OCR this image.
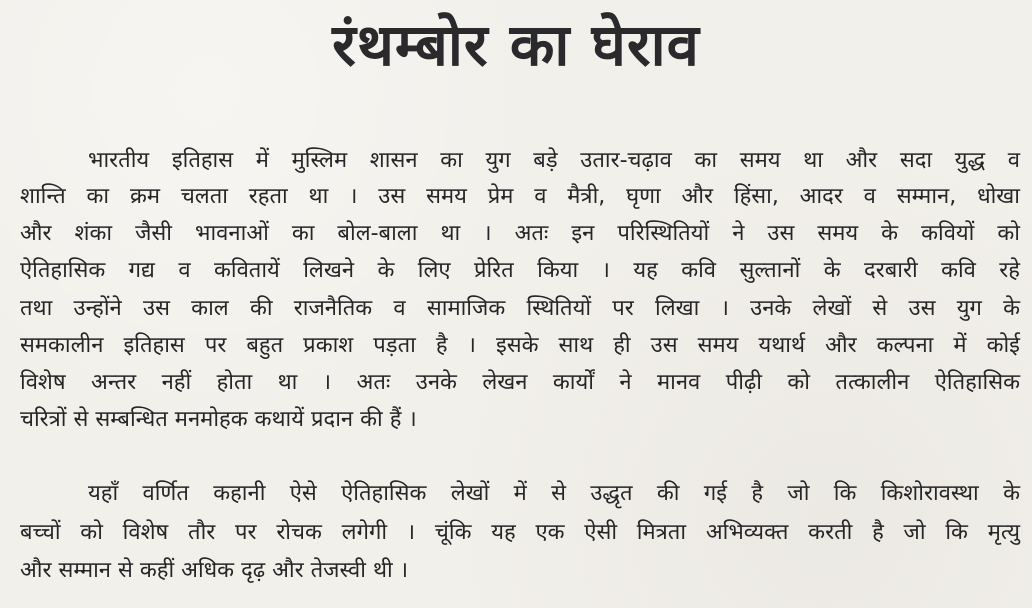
रंथम्बोर का घेराव
भारतीय इतिहास में मुस्लिम शासन का युग बड़े उतार-चढ़ाव का समय था और सदा युद्ध व
शान्ति का क्रम चलता रहता था । उस समय प्रेम व मैत्री, घृणा और हिंसा, आदर व सम्मान, धोखा
और शंका जैसी भावनाओं का बोल-बाला था । अतः इन परिस्थितियों ने उस समय के कवियों को
ऐतिहासिक गद्य व कवितायें लिखने के लिए प्रेरित किया । यह कवि सुल्तानों के दरबारी कवि रहे
तथा उन्होंने उस काल की राजनैतिक व सामाजिक स्थितियों पर लिखा । उनके लेखों से उस युग के
समकालीन इतिहास पर बहुत प्रकाश पड़ता है । इसके साथ ही उस समय यथार्थ और कल्पना में कोई
विशेष अन्तर नहीं होता था । अतः उनके लेखन कार्यों ने मानव पीढ़ी को तत्कालीन ऐतिहासिक
चरित्रों से सम्बन्धित मनमोहक कथायें प्रदान की हैं ।
यहाँ वर्णित कहानी ऐसे ऐतिहासिक लेखों में से उद्धृत की गई है जो कि किशोरावस्था के
बच्चों को विशेष तौर पर रोचक लगेगी । चूंकि यह एक ऐसी मित्रता अभिव्यक्त करती है जो कि मृत्यु
और सम्मान से कहीं अधिक दृढ़ और तेजस्वी थी ।
